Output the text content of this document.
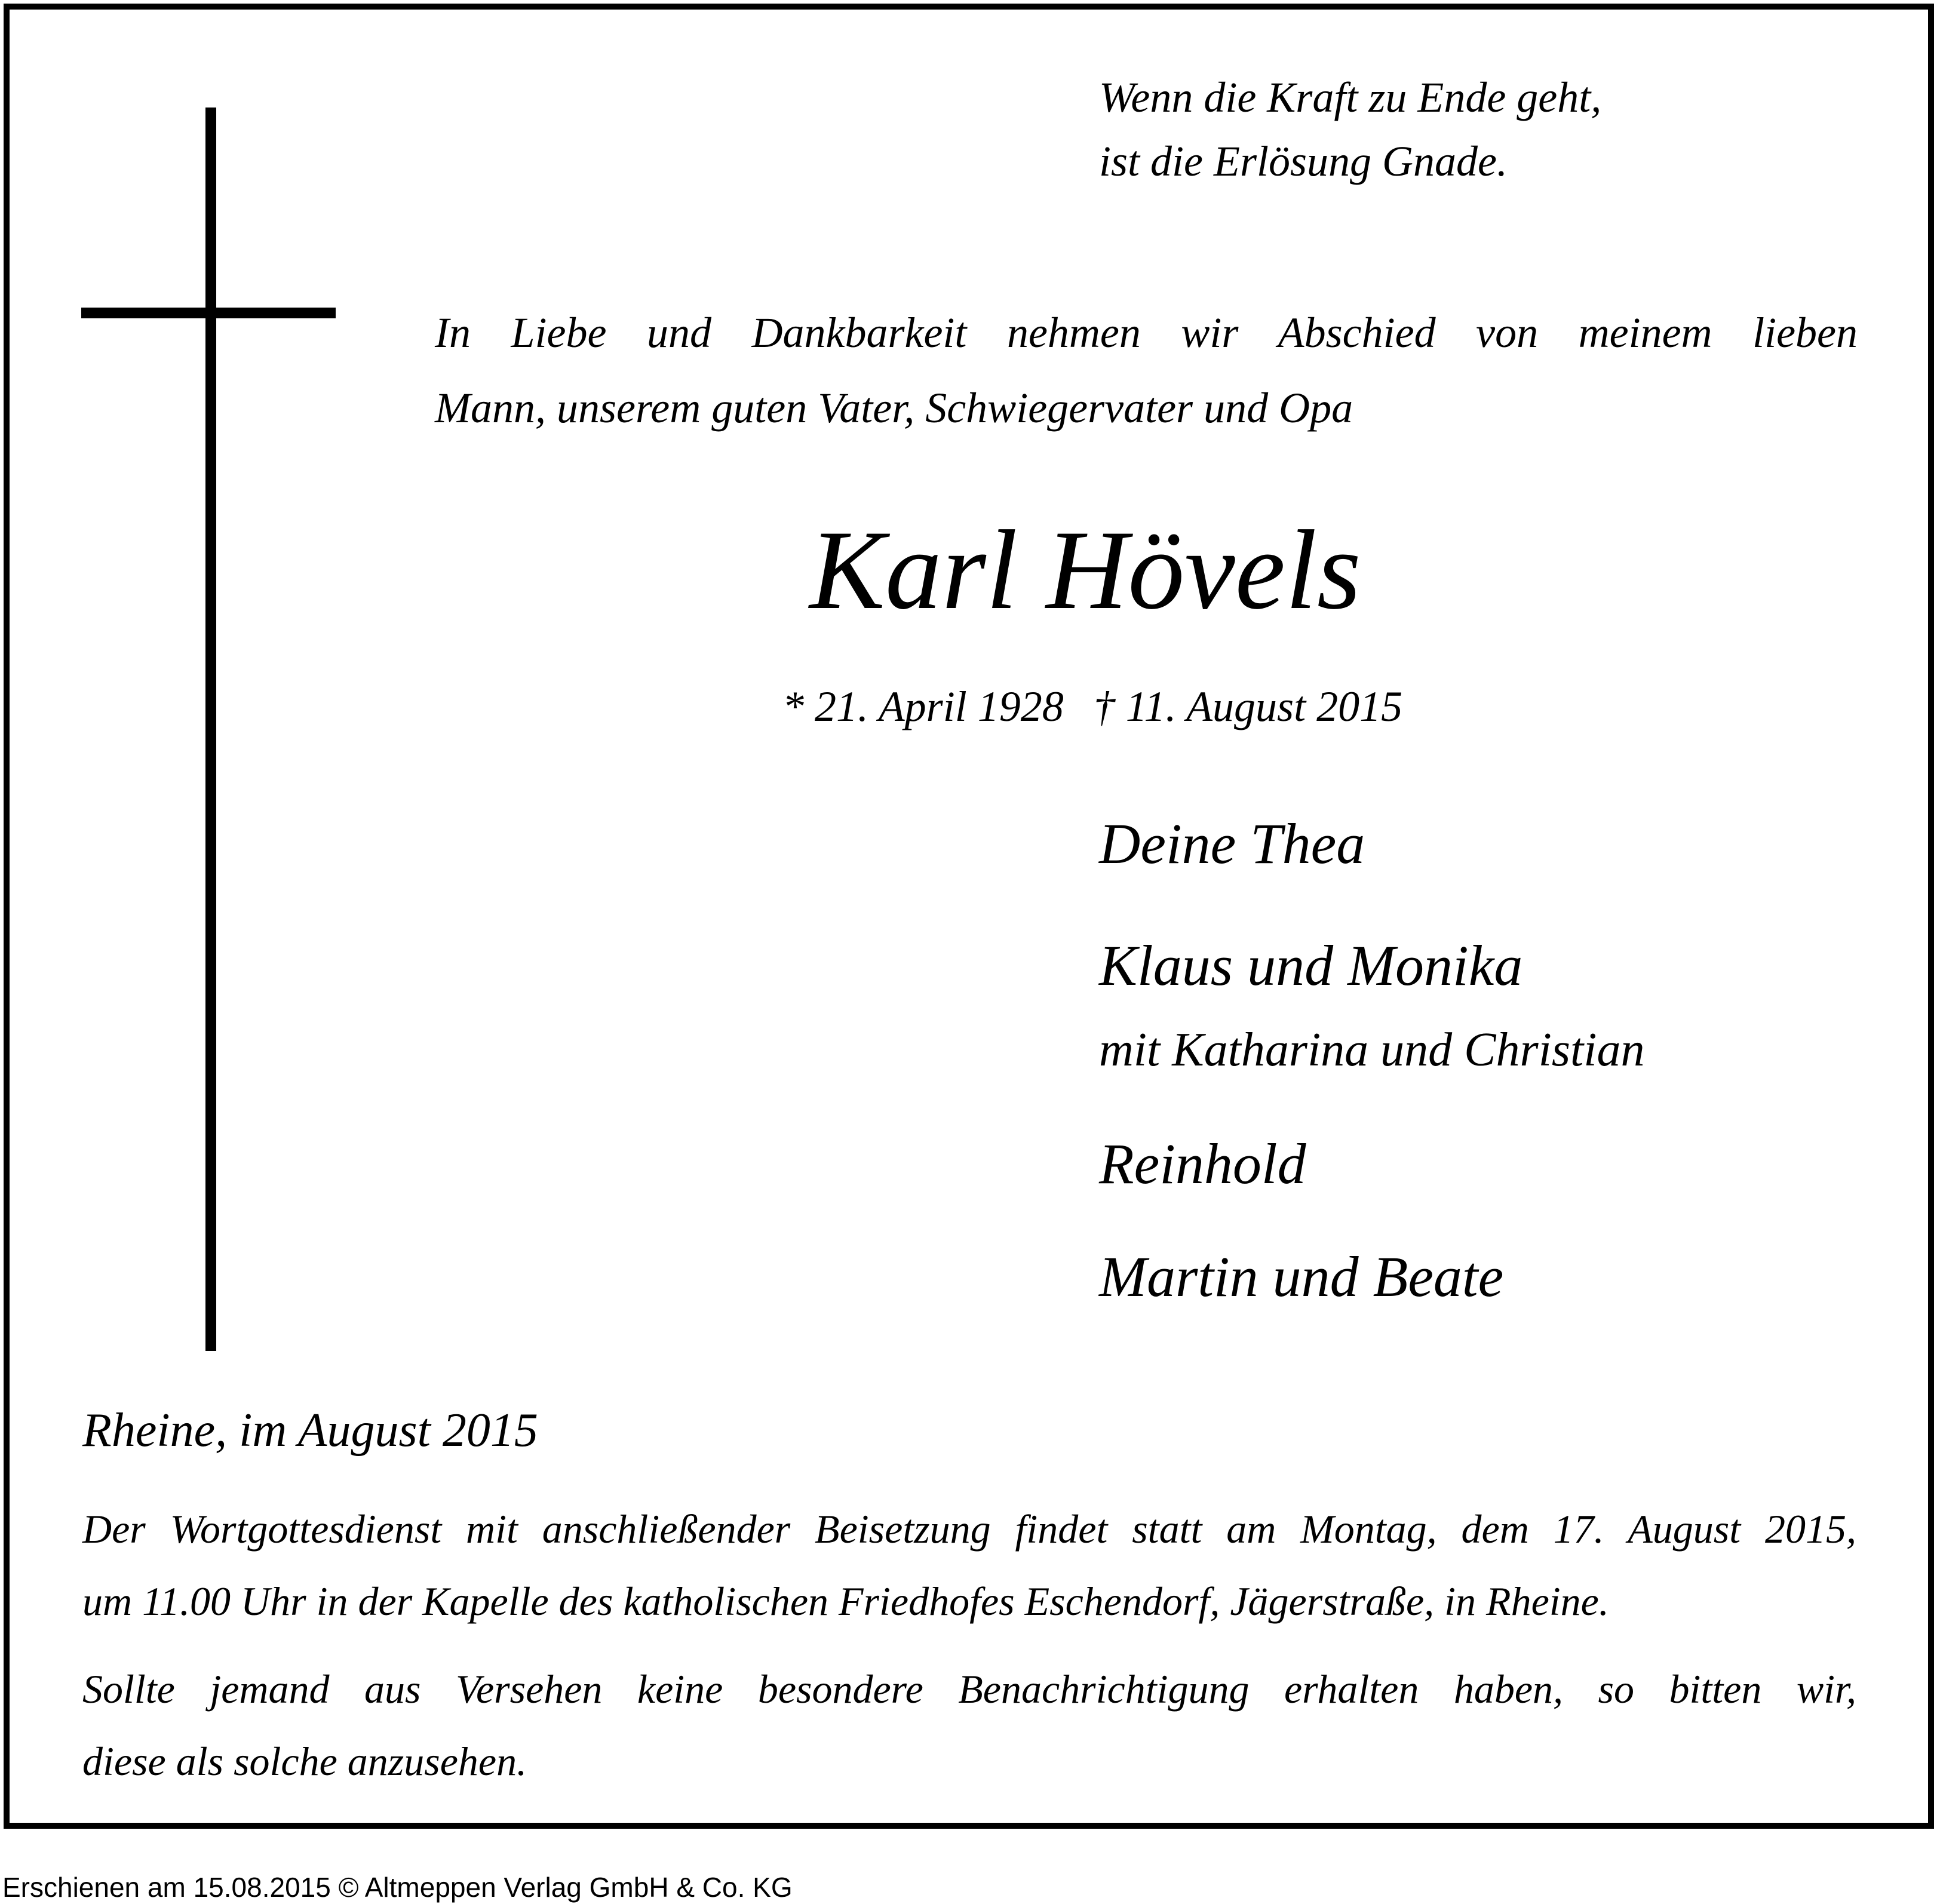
Wenn die Kraft zu Ende geht,
ist die Erlösung Gnade.
In Liebe und Dankbarkeit nehmen wir Abschied von meinem lieben
Mann, unserem guten Vater, Schwiegervater und Opa
Karl Hövels
* 21. April 1928 † 11. August 2015
Deine Thea
Klaus und Monika
mit Katharina und Christian
Reinhold
Martin und Beate
Rheine, im August 2015
Der Wortgottesdienst mit anschließender Beisetzung findet statt am Montag, dem 17. August 2015,
um 11.00 Uhr in der Kapelle des katholischen Friedhofes Eschendorf, Jägerstraße, in Rheine.
Sollte jemand aus Versehen keine besondere Benachrichtigung erhalten haben, so bitten wir,
diese als solche anzusehen.
Erschienen am 15.08.2015 © Altmeppen Verlag GmbH & Co. KG
